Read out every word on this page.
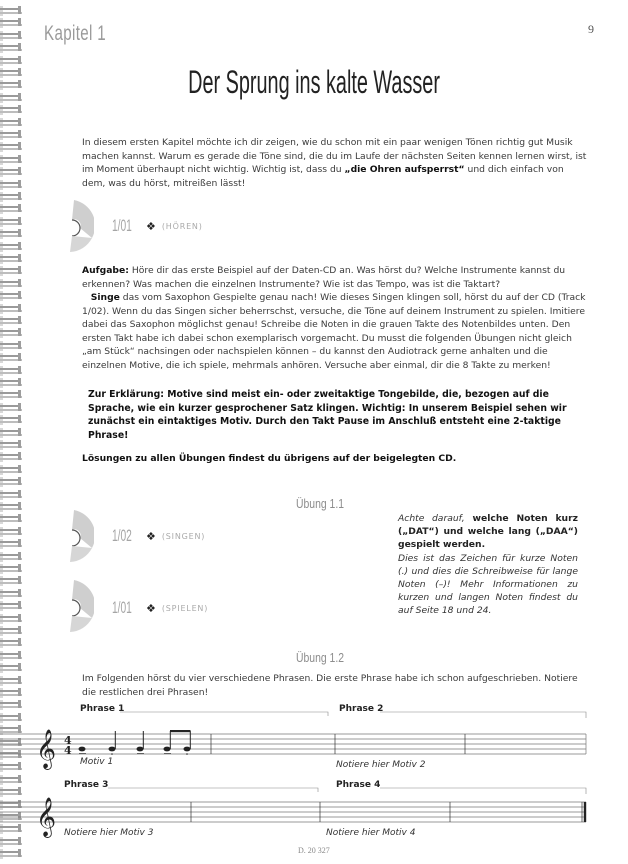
Kapitel 1	9
Der Sprung ins kalte Wasser
In diesem ersten Kapitel möchte ich dir zeigen, wie du schon mit ein paar wenigen Tönen richtig gut Musik machen kannst. Warum es gerade die Töne sind, die du im Laufe der nächsten Seiten kennen lernen wirst, ist im Moment überhaupt nicht wichtig. Wichtig ist, dass du „die Ohren aufsperrst“ und dich einfach von dem, was du hörst, mitreißen lässt!
1/01 ❖ (HÖREN)
Aufgabe: Höre dir das erste Beispiel auf der Daten-CD an. Was hörst du? Welche Instrumente kannst du erkennen? Was machen die einzelnen Instrumente? Wie ist das Tempo, was ist die Taktart?
Singe das vom Saxophon Gespielte genau nach! Wie dieses Singen klingen soll, hörst du auf der CD (Track 1/02). Wenn du das Singen sicher beherrschst, versuche, die Töne auf deinem Instrument zu spielen. Imitiere dabei das Saxophon möglichst genau! Schreibe die Noten in die grauen Takte des Notenbildes unten. Den ersten Takt habe ich dabei schon exemplarisch vorgemacht. Du musst die folgenden Übungen nicht gleich „am Stück“ nachsingen oder nachspielen können – du kannst den Audiotrack gerne anhalten und die einzelnen Motive, die ich spiele, mehrmals anhören. Versuche aber einmal, dir die 8 Takte zu merken!
Zur Erklärung: Motive sind meist ein- oder zweitaktige Tongebilde, die, bezogen auf die Sprache, wie ein kurzer gesprochener Satz klingen. Wichtig: In unserem Beispiel sehen wir zunächst ein eintaktiges Motiv. Durch den Takt Pause im Anschluß entsteht eine 2-taktige Phrase!
Lösungen zu allen Übungen findest du übrigens auf der beigelegten CD.
Übung 1.1
1/02 ❖ (SINGEN)
1/01 ❖ (SPIELEN)
Achte darauf, welche Noten kurz („DAT“) und welche lang („DAA“) gespielt werden.
Dies ist das Zeichen für kurze Noten (.) und dies die Schreibweise für lange Noten (–)! Mehr Informationen zu kurzen und langen Noten findest du auf Seite 18 und 24.
Übung 1.2
Im Folgenden hörst du vier verschiedene Phrasen. Die erste Phrase habe ich schon aufgeschrieben. Notiere die restlichen drei Phrasen!
𝄞 4
4
𝄞
Phrase 1	Phrase 2
Phrase 3	Phrase 4
Motiv 1	Notiere hier Motiv 2
Notiere hier Motiv 3	Notiere hier Motiv 4
D. 20 327
